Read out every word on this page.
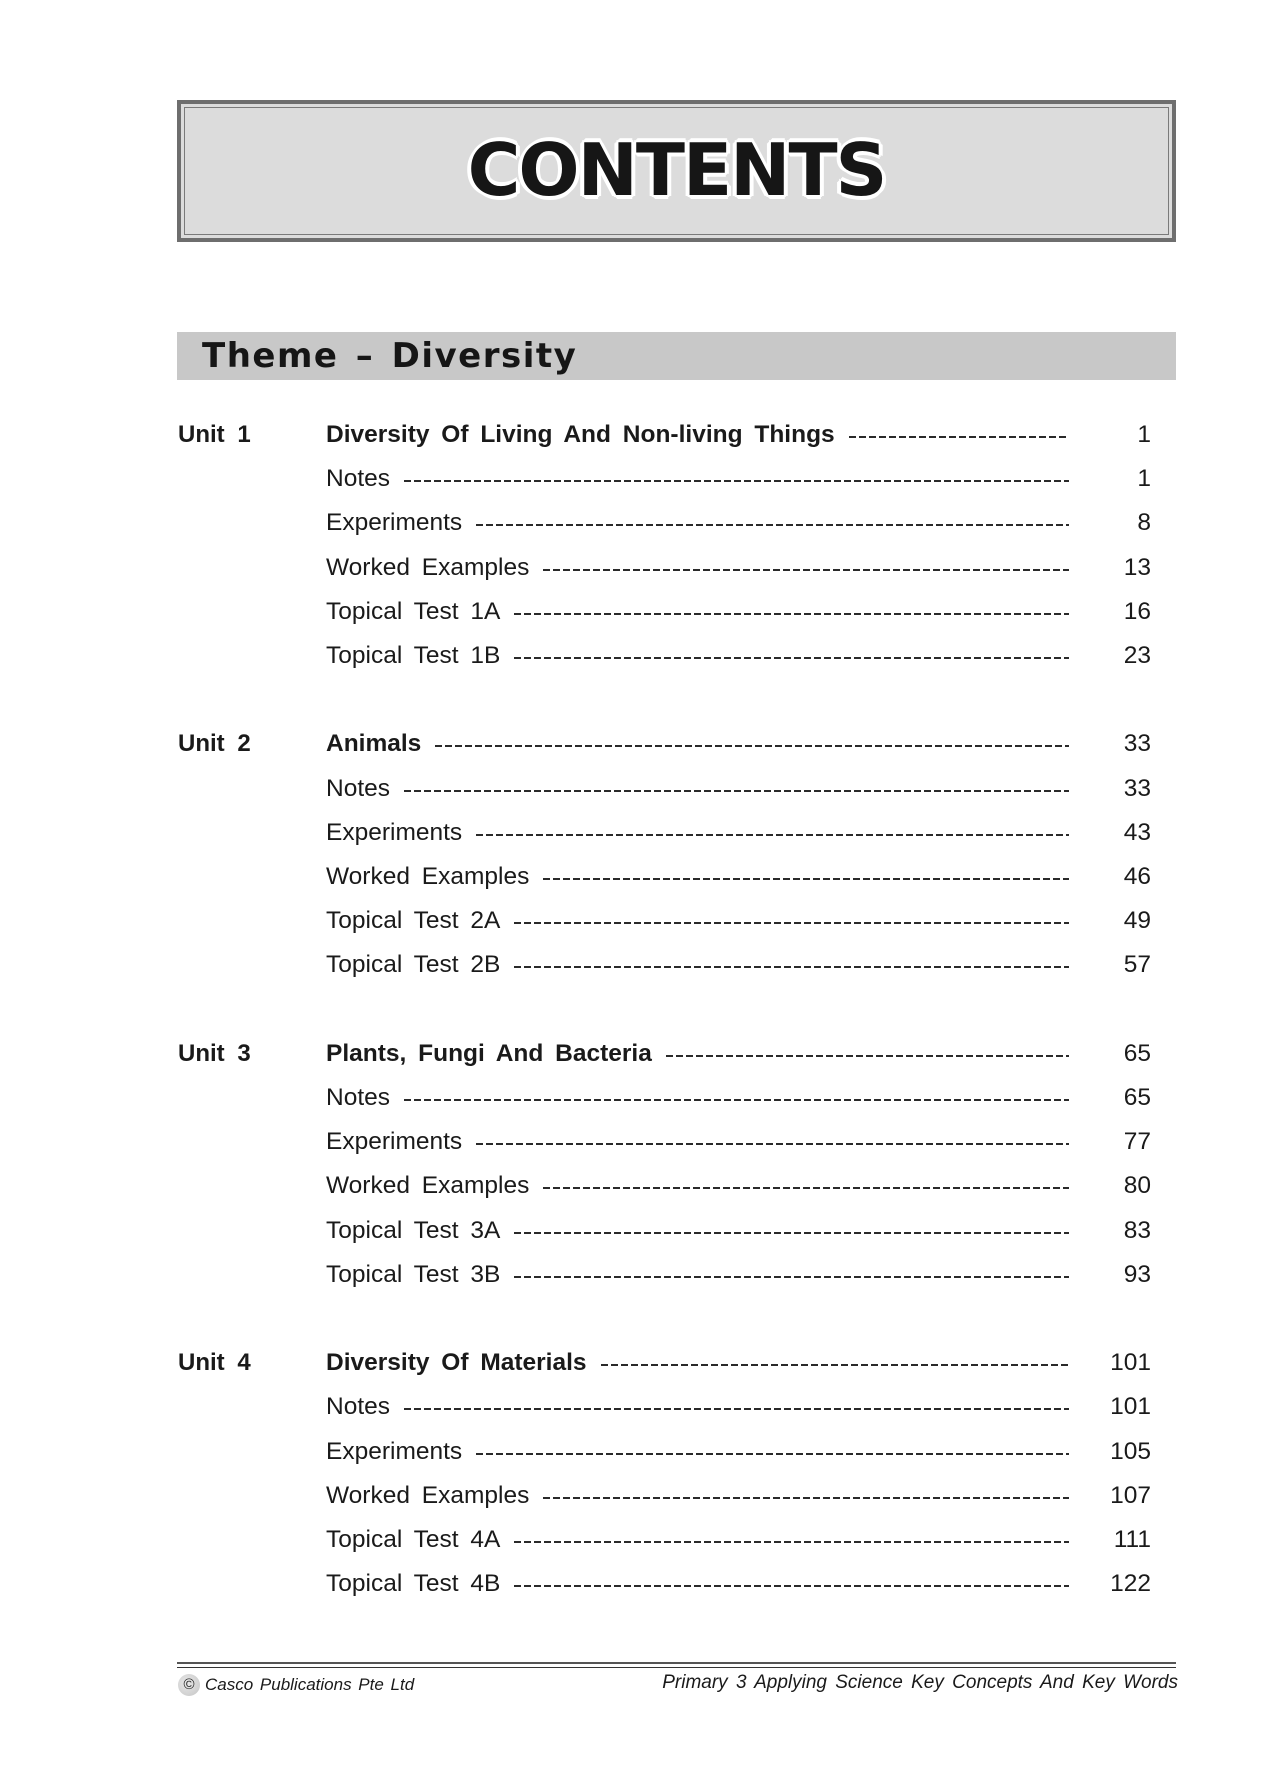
CONTENTS
Theme – Diversity
Unit 1	Diversity Of Living And Non-living Things	1
Notes	1
Experiments	8
Worked Examples	13
Topical Test 1A	16
Topical Test 1B	23
Unit 2	Animals	33
Notes	33
Experiments	43
Worked Examples	46
Topical Test 2A	49
Topical Test 2B	57
Unit 3	Plants, Fungi And Bacteria	65
Notes	65
Experiments	77
Worked Examples	80
Topical Test 3A	83
Topical Test 3B	93
Unit 4	Diversity Of Materials	101
Notes	101
Experiments	105
Worked Examples	107
Topical Test 4A	111
Topical Test 4B	122
© Casco Publications Pte Ltd	Primary 3 Applying Science Key Concepts And Key Words
